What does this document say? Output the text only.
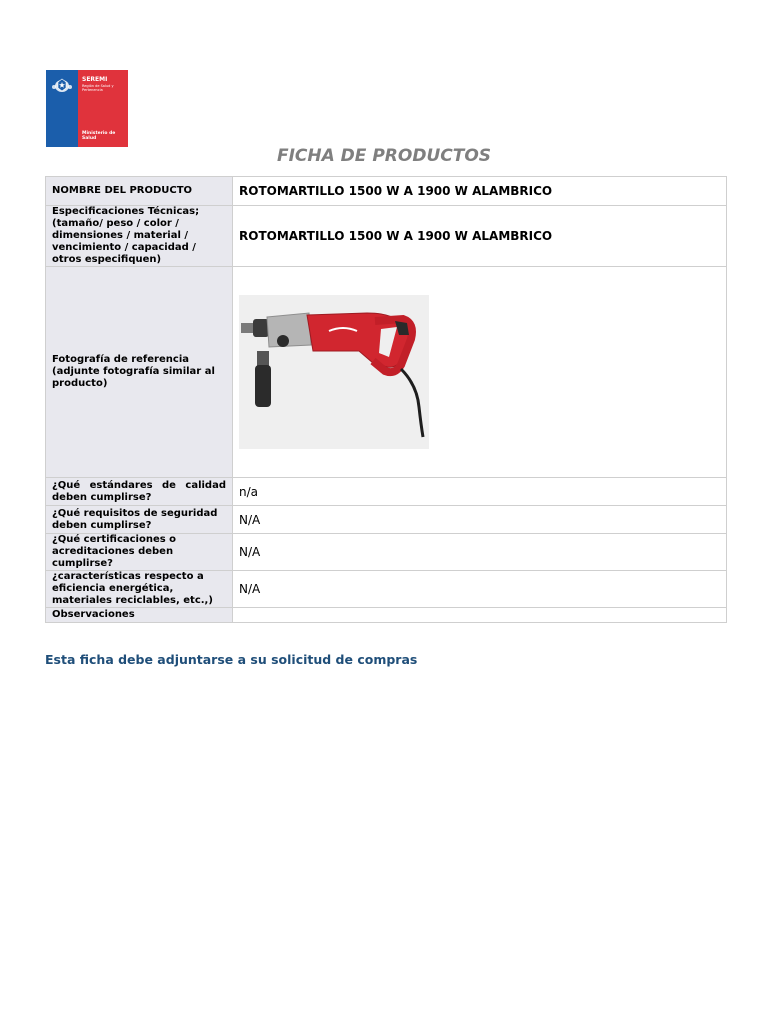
SEREMI
Región de Salud y Pertenencia
Ministerio de Salud
FICHA DE PRODUCTOS
NOMBRE DEL PRODUCTO	ROTOMARTILLO 1500 W A 1900 W ALAMBRICO
Especificaciones Técnicas; (tamaño/ peso / color / dimensiones / material / vencimiento / capacidad / otros especifiquen)	ROTOMARTILLO 1500 W A 1900 W ALAMBRICO
Fotografía de referencia (adjunte fotografía similar al producto)	

¿Qué estándares de calidad deben cumplirse?	n/a
¿Qué requisitos de seguridad deben cumplirse?	N/A
¿Qué certificaciones o acreditaciones deben cumplirse?	N/A
¿características respecto a eficiencia energética, materiales reciclables, etc.,)	N/A
Observaciones	
Esta ficha debe adjuntarse a su solicitud de compras
